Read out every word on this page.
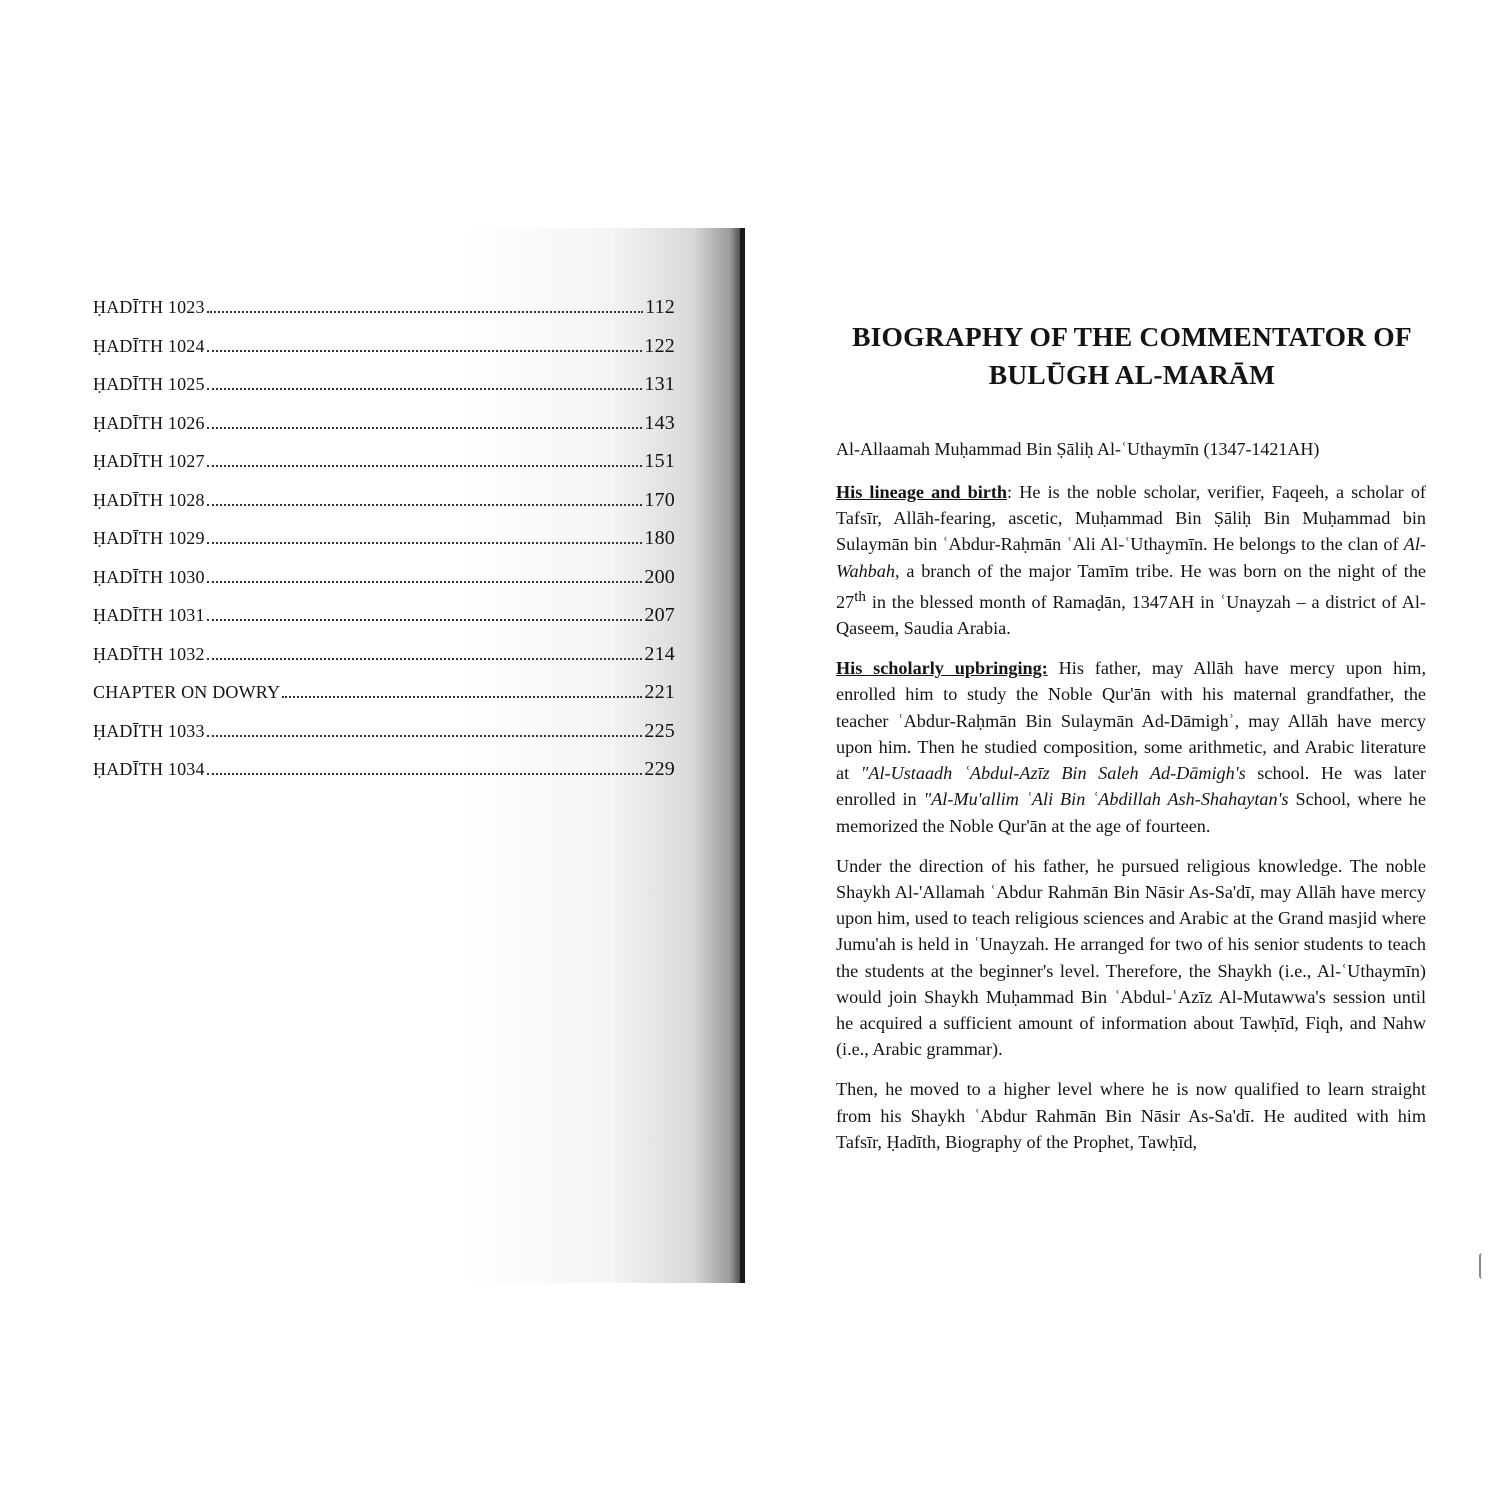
ḤADĪTH 1023	112
ḤADĪTH 1024	122
ḤADĪTH 1025	131
ḤADĪTH 1026	143
ḤADĪTH 1027	151
ḤADĪTH 1028	170
ḤADĪTH 1029	180
ḤADĪTH 1030	200
ḤADĪTH 1031	207
ḤADĪTH 1032	214
CHAPTER ON DOWRY	221
ḤADĪTH 1033	225
ḤADĪTH 1034	229
BIOGRAPHY OF THE COMMENTATOR OF
BULŪGH AL-MARĀM

Al-Allaamah Muḥammad Bin Ṣāliḥ Al-ʿUthaymīn (1347-1421AH)

His lineage and birth: He is the noble scholar, verifier, Faqeeh, a scholar of Tafsīr, Allāh-fearing, ascetic, Muḥammad Bin Ṣāliḥ Bin Muḥammad bin Sulaymān bin ʿAbdur-Raḥmān ʿAli Al-ʿUthaymīn. He belongs to the clan of Al-Wahbah, a branch of the major Tamīm tribe. He was born on the night of the 27th in the blessed month of Ramaḍān, 1347AH in ʿUnayzah – a district of Al-Qaseem, Saudia Arabia.

His scholarly upbringing: His father, may Allāh have mercy upon him, enrolled him to study the Noble Qur'ān with his maternal grandfather, the teacher ʿAbdur-Raḥmān Bin Sulaymān Ad-Dāmighʾ, may Allāh have mercy upon him. Then he studied composition, some arithmetic, and Arabic literature at "Al-Ustaadh ʿAbdul-Azīz Bin Saleh Ad-Dāmigh's school. He was later enrolled in "Al-Mu'allim ʿAli Bin ʿAbdillah Ash-Shahaytan's School, where he memorized the Noble Qur'ān at the age of fourteen.

Under the direction of his father, he pursued religious knowledge. The noble Shaykh Al-'Allamah ʿAbdur Rahmān Bin Nāsir As-Sa'dī, may Allāh have mercy upon him, used to teach religious sciences and Arabic at the Grand masjid where Jumu'ah is held in ʿUnayzah. He arranged for two of his senior students to teach the students at the beginner's level. Therefore, the Shaykh (i.e., Al-ʿUthaymīn) would join Shaykh Muḥammad Bin ʿAbdul-ʿAzīz Al-Mutawwa's session until he acquired a sufficient amount of information about Tawḥīd, Fiqh, and Nahw (i.e., Arabic grammar).

Then, he moved to a higher level where he is now qualified to learn straight from his Shaykh ʿAbdur Rahmān Bin Nāsir As-Sa'dī. He audited with him Tafsīr, Ḥadīth, Biography of the Prophet, Tawḥīd,
